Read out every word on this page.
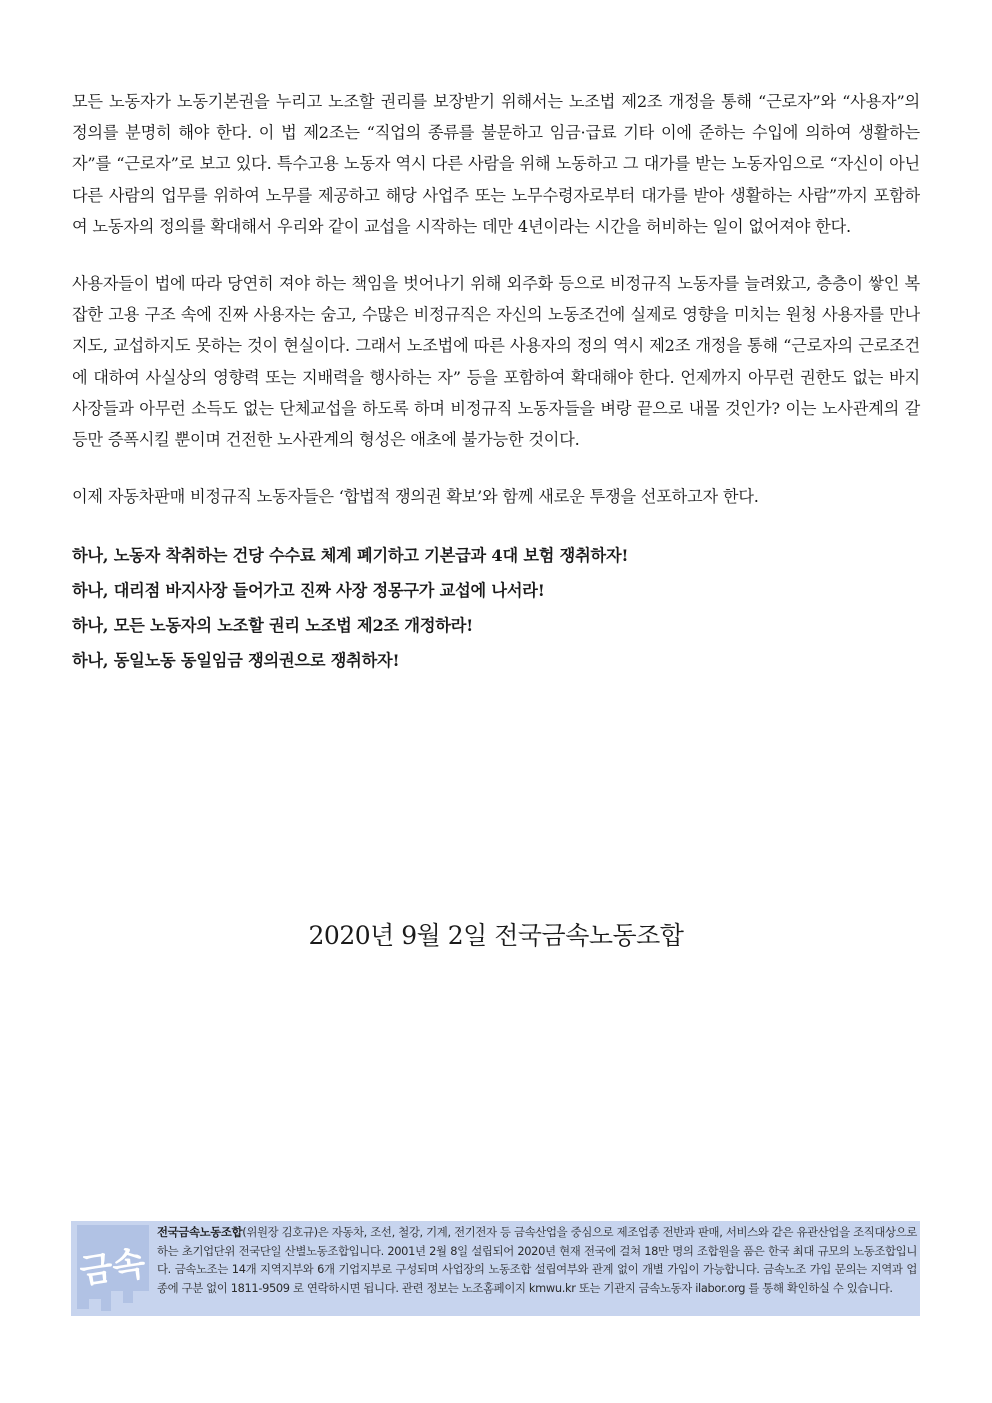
모든 노동자가 노동기본권을 누리고 노조할 권리를 보장받기 위해서는 노조법 제2조 개정을 통해 “근로자”와 “사용자”의 정의를 분명히 해야 한다. 이 법 제2조는 “직업의 종류를 불문하고 임금·급료 기타 이에 준하는 수입에 의하여 생활하는 자”를 “근로자”로 보고 있다. 특수고용 노동자 역시 다른 사람을 위해 노동하고 그 대가를 받는 노동자임으로 “자신이 아닌 다른 사람의 업무를 위하여 노무를 제공하고 해당 사업주 또는 노무수령자로부터 대가를 받아 생활하는 사람”까지 포함하여 노동자의 정의를 확대해서 우리와 같이 교섭을 시작하는 데만 4년이라는 시간을 허비하는 일이 없어져야 한다.

사용자들이 법에 따라 당연히 져야 하는 책임을 벗어나기 위해 외주화 등으로 비정규직 노동자를 늘려왔고, 층층이 쌓인 복잡한 고용 구조 속에 진짜 사용자는 숨고, 수많은 비정규직은 자신의 노동조건에 실제로 영향을 미치는 원청 사용자를 만나지도, 교섭하지도 못하는 것이 현실이다. 그래서 노조법에 따른 사용자의 정의 역시 제2조 개정을 통해 “근로자의 근로조건에 대하여 사실상의 영향력 또는 지배력을 행사하는 자” 등을 포함하여 확대해야 한다. 언제까지 아무런 권한도 없는 바지사장들과 아무런 소득도 없는 단체교섭을 하도록 하며 비정규직 노동자들을 벼랑 끝으로 내몰 것인가? 이는 노사관계의 갈등만 증폭시킬 뿐이며 건전한 노사관계의 형성은 애초에 불가능한 것이다.

이제 자동차판매 비정규직 노동자들은 ‘합법적 쟁의권 확보’와 함께 새로운 투쟁을 선포하고자 한다.

하나, 노동자 착취하는 건당 수수료 체계 폐기하고 기본급과 4대 보험 쟁취하자!

하나, 대리점 바지사장 들어가고 진짜 사장 정몽구가 교섭에 나서라!

하나, 모든 노동자의 노조할 권리 노조법 제2조 개정하라!

하나, 동일노동 동일임금 쟁의권으로 쟁취하자!

2020년 9월 2일 전국금속노동조합
금속
전국금속노동조합(위원장 김호규)은 자동차, 조선, 철강, 기계, 전기전자 등 금속산업을 중심으로 제조업종 전반과 판매, 서비스와 같은 유관산업을 조직대상으로 하는 초기업단위 전국단일 산별노동조합입니다. 2001년 2월 8일 설립되어 2020년 현재 전국에 걸쳐 18만 명의 조합원을 품은 한국 최대 규모의 노동조합입니다. 금속노조는 14개 지역지부와 6개 기업지부로 구성되며 사업장의 노동조합 설립여부와 관계 없이 개별 가입이 가능합니다. 금속노조 가입 문의는 지역과 업종에 구분 없이 1811-9509 로 연락하시면 됩니다. 관련 정보는 노조홈페이지 kmwu.kr 또는 기관지 금속노동자 ilabor.org 를 통해 확인하실 수 있습니다.
